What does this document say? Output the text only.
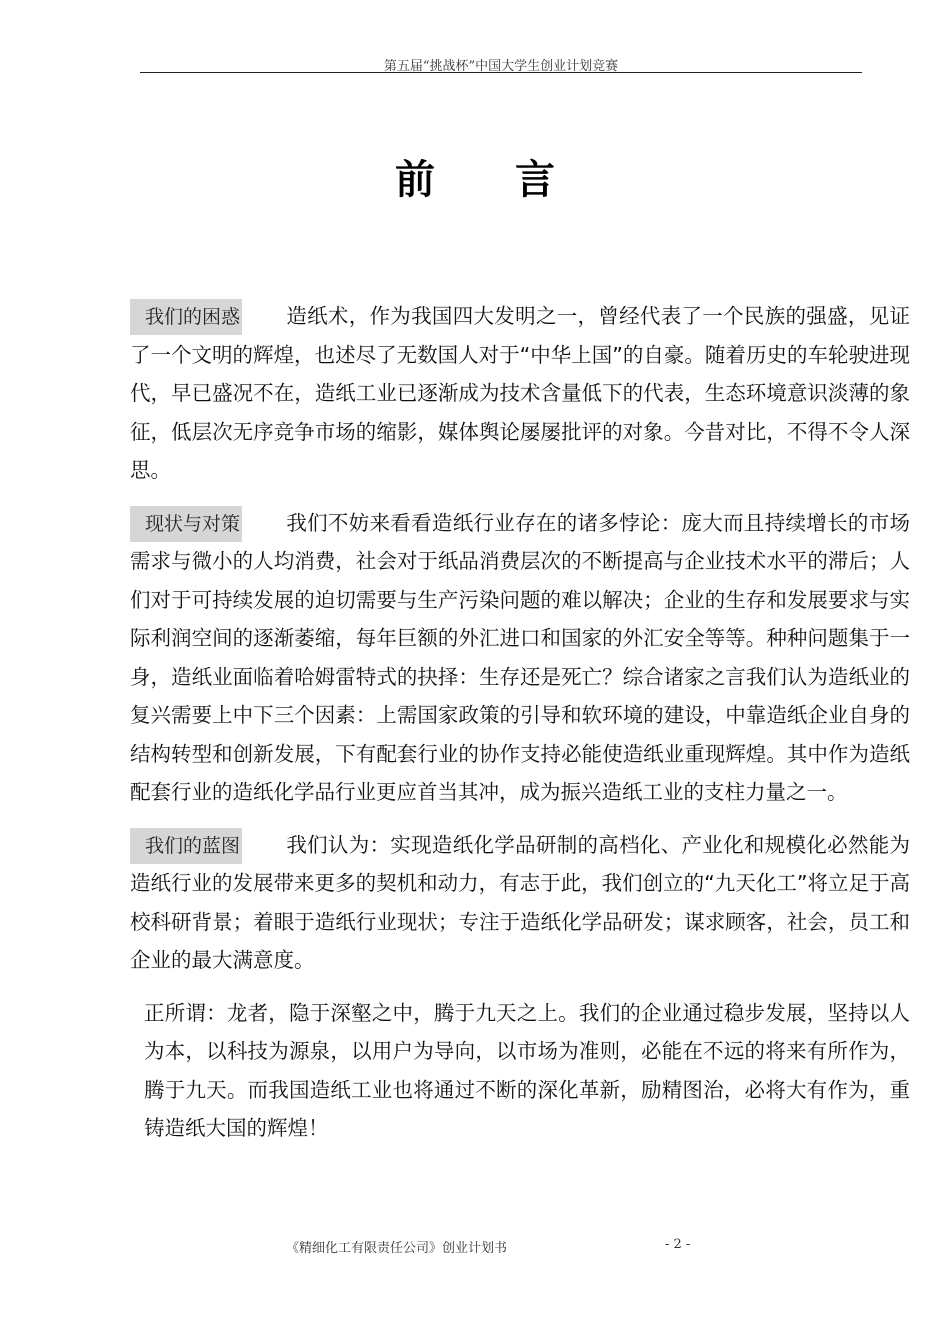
第五届“挑战杯”中国大学生创业计划竞赛
前言

我们的困惑 造纸术，作为我国四大发明之一，曾经代表了一个民族的强盛，见证了一个文明的辉煌，也述尽了无数国人对于“中华上国”的自豪。随着历史的车轮驶进现代，早已盛况不在，造纸工业已逐渐成为技术含量低下的代表，生态环境意识淡薄的象征，低层次无序竞争市场的缩影，媒体舆论屡屡批评的对象。今昔对比，不得不令人深思。

现状与对策 我们不妨来看看造纸行业存在的诸多悖论：庞大而且持续增长的市场需求与微小的人均消费，社会对于纸品消费层次的不断提高与企业技术水平的滞后；人们对于可持续发展的迫切需要与生产污染问题的难以解决；企业的生存和发展要求与实际利润空间的逐渐萎缩，每年巨额的外汇进口和国家的外汇安全等等。种种问题集于一身，造纸业面临着哈姆雷特式的抉择：生存还是死亡？综合诸家之言我们认为造纸业的复兴需要上中下三个因素：上需国家政策的引导和软环境的建设，中靠造纸企业自身的结构转型和创新发展，下有配套行业的协作支持必能使造纸业重现辉煌。其中作为造纸配套行业的造纸化学品行业更应首当其冲，成为振兴造纸工业的支柱力量之一。

我们的蓝图 我们认为：实现造纸化学品研制的高档化、产业化和规模化必然能为造纸行业的发展带来更多的契机和动力，有志于此，我们创立的“九天化工”将立足于高校科研背景；着眼于造纸行业现状；专注于造纸化学品研发；谋求顾客，社会，员工和企业的最大满意度。

正所谓：龙者，隐于深壑之中，腾于九天之上。我们的企业通过稳步发展，坚持以人为本，以科技为源泉，以用户为导向，以市场为准则，必能在不远的将来有所作为，腾于九天。而我国造纸工业也将通过不断的深化革新，励精图治，必将大有作为，重铸造纸大国的辉煌！

《精细化工有限责任公司》创业计划书	- 2 -
